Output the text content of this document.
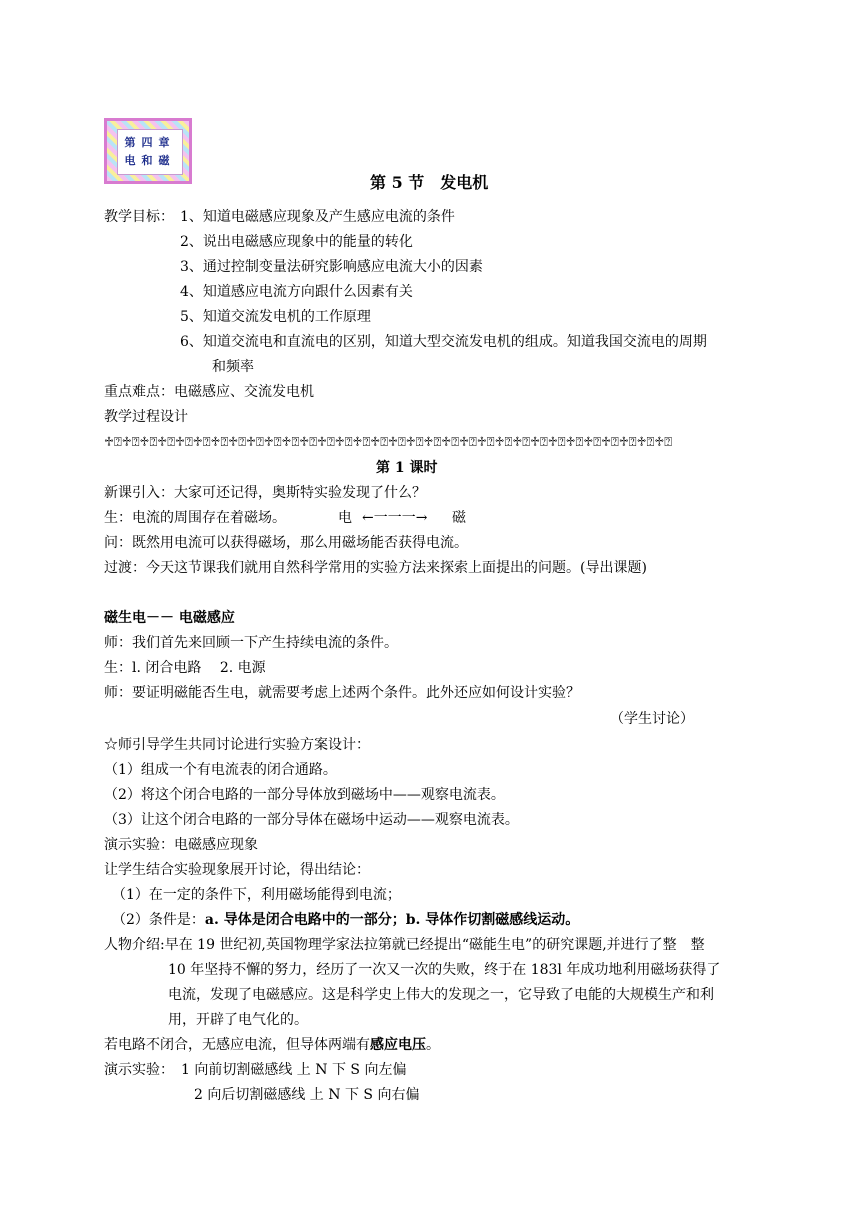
第四章
电和磁
第 5 节　发电机
教学目标： 1、知道电磁感应现象及产生感应电流的条件
2、说出电磁感应现象中的能量的转化
3、通过控制变量法研究影响感应电流大小的因素
4、知道感应电流方向跟什么因素有关
5、知道交流发电机的工作原理
6、知道交流电和直流电的区别，知道大型交流发电机的组成。知道我国交流电的周期
和频率
重点难点：电磁感应、交流发电机
教学过程设计
♱⍰♱⍰♱⍰♱⍰♱⍰♱⍰♱⍰♱⍰♱⍰♱⍰♱⍰♱⍰♱⍰♱⍰♱⍰♱⍰♱⍰♱⍰♱⍰♱⍰♱⍰♱⍰♱⍰♱⍰♱⍰♱⍰♱⍰♱⍰♱⍰♱⍰♱⍰♱⍰
第 1 课时
新课引入：大家可还记得，奥斯特实验发现了什么？
生：电流的周围存在着磁场。	电 ←一一一→ 磁
问：既然用电流可以获得磁场，那么用磁场能否获得电流。
过渡：今天这节课我们就用自然科学常用的实验方法来探索上面提出的问题。(导出课题)
磁生电－－ 电磁感应
师：我们首先来回顾一下产生持续电流的条件。
生：l. 闭合电路　 2. 电源
师：要证明磁能否生电，就需要考虑上述两个条件。此外还应如何设计实验？
（学生讨论）
☆师引导学生共同讨论进行实验方案设计：
（1）组成一个有电流表的闭合通路。
（2）将这个闭合电路的一部分导体放到磁场中——观察电流表。
（3）让这个闭合电路的一部分导体在磁场中运动——观察电流表。
演示实验：电磁感应现象
让学生结合实验现象展开讨论，得出结论：
（1）在一定的条件下，利用磁场能得到电流；
（2）条件是：a. 导体是闭合电路中的一部分；b. 导体作切割磁感线运动。
人物介绍:早在 19 世纪初,英国物理学家法拉第就已经提出“磁能生电”的研究课题,并进行了整　整
10 年坚持不懈的努力，经历了一次又一次的失败，终于在 183l 年成功地利用磁场获得了
电流，发现了电磁感应。这是科学史上伟大的发现之一，它导致了电能的大规模生产和利
用，开辟了电气化的。
若电路不闭合，无感应电流，但导体两端有感应电压。
演示实验：　1 向前切割磁感线 上 N 下 S 向左偏
2 向后切割磁感线 上 N 下 S 向右偏
